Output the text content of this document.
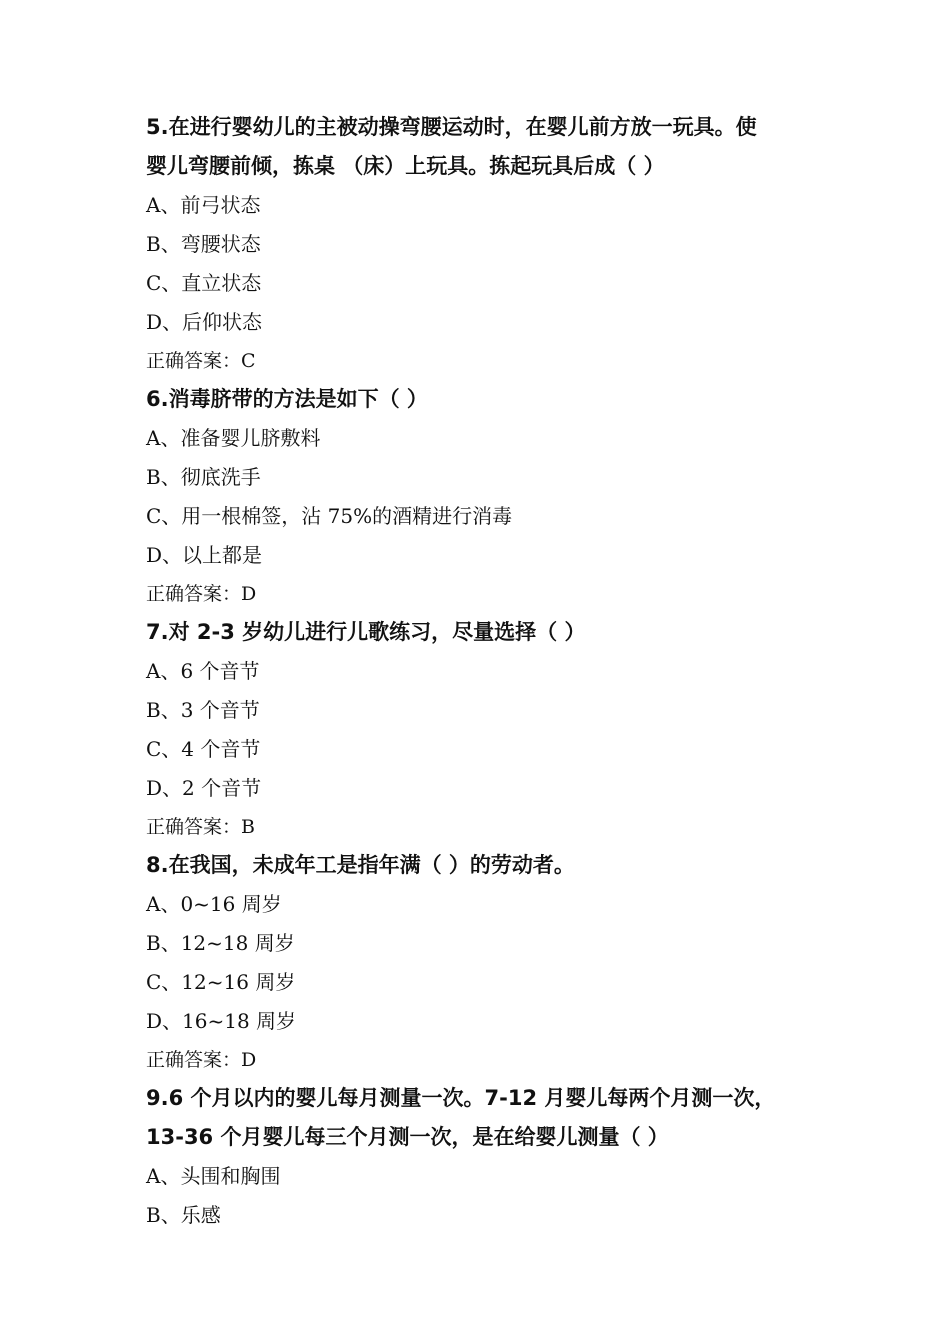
5.在进行婴幼儿的主被动操弯腰运动时，在婴儿前方放一玩具。使
婴儿弯腰前倾，拣桌 （床）上玩具。拣起玩具后成（ ）
A、前弓状态
B、弯腰状态
C、直立状态
D、后仰状态
正确答案：C
6.消毒脐带的方法是如下（ ）
A、准备婴儿脐敷料
B、彻底洗手
C、用一根棉签，沾 75%的酒精进行消毒
D、以上都是
正确答案：D
7.对 2-3 岁幼儿进行儿歌练习，尽量选择（ ）
A、6 个音节
B、3 个音节
C、4 个音节
D、2 个音节
正确答案：B
8.在我国，未成年工是指年满（ ）的劳动者。
A、0~16 周岁
B、12~18 周岁
C、12~16 周岁
D、16~18 周岁
正确答案：D
9.6 个月以内的婴儿每月测量一次。7-12 月婴儿每两个月测一次，
13-36 个月婴儿每三个月测一次，是在给婴儿测量（ ）
A、头围和胸围
B、乐感
